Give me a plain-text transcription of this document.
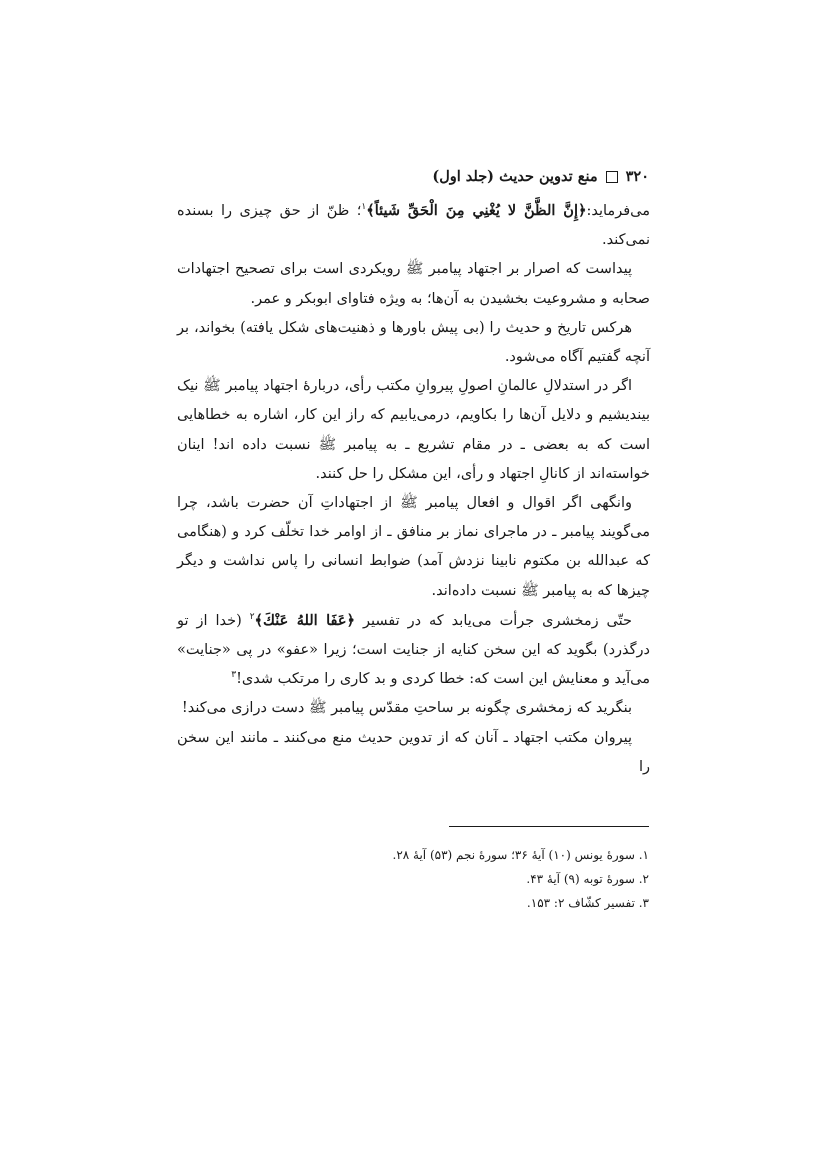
۳۲۰
منع تدوین حدیث (جلد اول)

می‌فرماید:﴿إِنَّ الظَّنَّ لا يُغْنِي مِنَ الْحَقِّ شَيئاً﴾$^۱$؛ ظنّ از حق چیزی را بسنده نمی‌کند.

پیداست که اصرار بر اجتهاد پیامبر ﷺ رویکردی است برای تصحیح اجتهادات صحابه و مشروعیت بخشیدن به آن‌ها؛ به ویژه فتاوای ابوبکر و عمر.

هرکس تاریخ و حدیث را (بی پیش باورها و ذهنیت‌های شکل یافته) بخواند، بر آنچه گفتیم آگاه می‌شود.

اگر در استدلالِ عالمانِ اصولِ پیروانِ مکتب رأی، دربارهٔ اجتهاد پیامبر ﷺ نیک بیندیشیم و دلایل آن‌ها را بکاویم، درمی‌یابیم که راز این کار، اشاره به خطاهایی است که به بعضی ـ در مقام تشریع ـ به پیامبر ﷺ نسبت داده اند! اینان خواسته‌اند از کانالِ اجتهاد و رأی، این مشکل را حل کنند.

وانگهی اگر اقوال و افعال پیامبر ﷺ از اجتهاداتِ آن حضرت باشد، چرا می‌گویند پیامبر ـ در ماجرای نماز بر منافق ـ از اوامر خدا تخلّف کرد و (هنگامی که عبدالله بن مکتوم نابینا نزدش آمد) ضوابط انسانی را پاس نداشت و دیگر چیزها که به پیامبر ﷺ نسبت داده‌اند.

حتّی زمخشری جرأت می‌یابد که در تفسیر ﴿عَفَا اللهُ عَنْكَ﴾$^۲$ (خدا از تو درگذرد) بگوید که این سخن کنایه از جنایت است؛ زیرا «عفو» در پی «جنایت» می‌آید و معنایش این است که: خطا کردی و بد کاری را مرتکب شدی!$^۳$

بنگرید که زمخشری چگونه بر ساحتِ مقدّس پیامبر ﷺ دست درازی می‌کند!

پیروان مکتب اجتهاد ـ آنان که از تدوین حدیث منع می‌کنند ـ مانند این سخن را

۱. سورهٔ یونس (۱۰) آیهٔ ۳۶؛ سورهٔ نجم (۵۳) آیهٔ ۲۸.
۲. سورهٔ توبه (۹) آیهٔ ۴۳.
۳. تفسیر کشّاف ۲: ۱۵۳.
